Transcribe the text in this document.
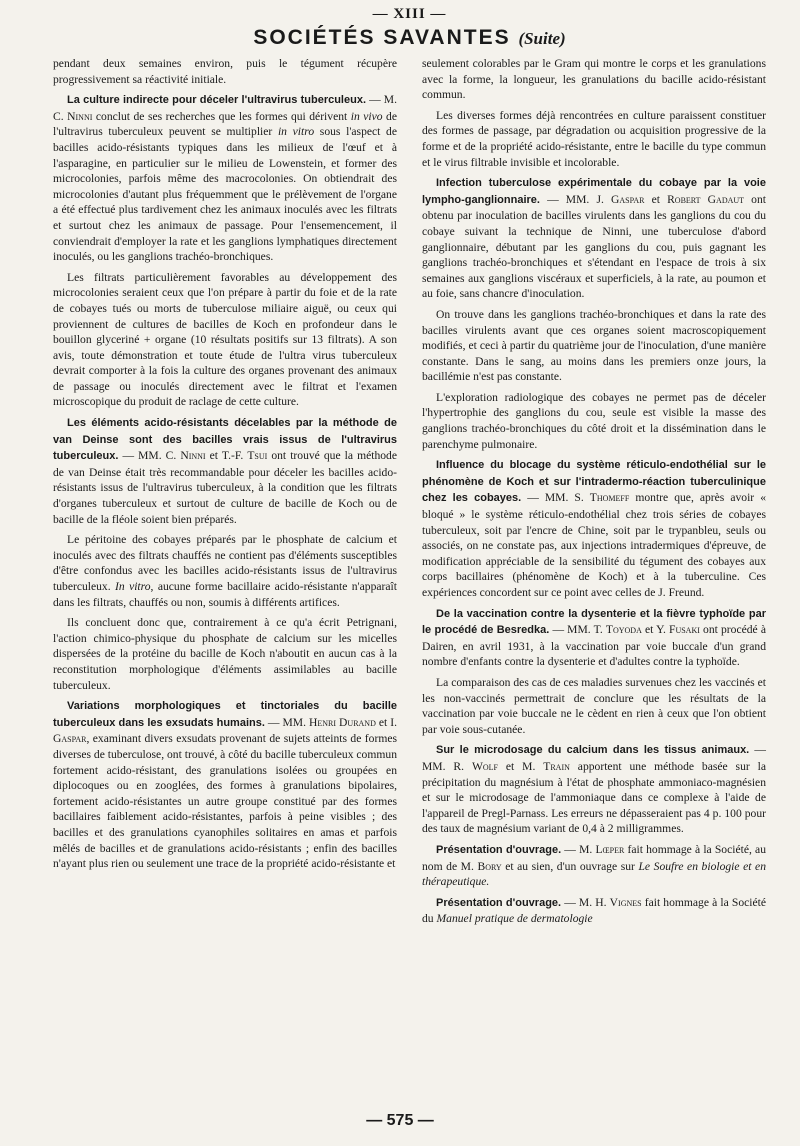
— XIII —
SOCIÉTÉS SAVANTES (Suite)

pendant deux semaines environ, puis le tégument récupère progressivement sa réactivité initiale.

La culture indirecte pour déceler l'ultravirus tuberculeux. — M. C. Ninni conclut de ses recherches que les formes qui dérivent in vivo de l'ultravirus tuberculeux peuvent se multiplier in vitro sous l'aspect de bacilles acido-résistants typiques dans les milieux de l'œuf et à l'asparagine, en particulier sur le milieu de Lowenstein, et former des microcolonies, parfois même des macrocolonies. On obtiendrait des microcolonies d'autant plus fréquemment que le prélèvement de l'organe a été effectué plus tardivement chez les animaux inoculés avec les filtrats et surtout chez les animaux de passage. Pour l'ensemencement, il conviendrait d'employer la rate et les ganglions lymphatiques directement inoculés, ou les ganglions trachéo-bronchiques.

Les filtrats particulièrement favorables au développement des microcolonies seraient ceux que l'on prépare à partir du foie et de la rate de cobayes tués ou morts de tuberculose miliaire aiguë, ou ceux qui proviennent de cultures de bacilles de Koch en profondeur dans le bouillon glyceriné + organe (10 résultats positifs sur 13 filtrats). A son avis, toute démonstration et toute étude de l'ultra virus tuberculeux devrait comporter à la fois la culture des organes provenant des animaux de passage ou inoculés directement avec le filtrat et l'examen microscopique du produit de raclage de cette culture.

Les éléments acido-résistants décelables par la méthode de van Deinse sont des bacilles vrais issus de l'ultravirus tuberculeux. — MM. C. Ninni et T.-F. Tsui ont trouvé que la méthode de van Deinse était très recommandable pour déceler les bacilles acido-résistants issus de l'ultravirus tuberculeux, à la condition que les filtrats d'organes tuberculeux et surtout de culture de bacille de Koch ou de bacille de la fléole soient bien préparés.

Le péritoine des cobayes préparés par le phosphate de calcium et inoculés avec des filtrats chauffés ne contient pas d'éléments susceptibles d'être confondus avec les bacilles acido-résistants issus de l'ultravirus tuberculeux. In vitro, aucune forme bacillaire acido-résistante n'apparaît dans les filtrats, chauffés ou non, soumis à différents artifices.

Ils concluent donc que, contrairement à ce qu'a écrit Petrignani, l'action chimico-physique du phosphate de calcium sur les micelles dispersées de la protéine du bacille de Koch n'aboutit en aucun cas à la reconstitution morphologique d'éléments assimilables au bacille tuberculeux.

Variations morphologiques et tinctoriales du bacille tuberculeux dans les exsudats humains. — MM. Henri Durand et I. Gaspar, examinant divers exsudats provenant de sujets atteints de formes diverses de tuberculose, ont trouvé, à côté du bacille tuberculeux commun fortement acido-résistant, des granulations isolées ou groupées en diplocoques ou en zooglées, des formes à granulations bipolaires, fortement acido-résistantes un autre groupe constitué par des formes bacillaires faiblement acido-résistantes, parfois à peine visibles ; des bacilles et des granulations cyanophiles solitaires en amas et parfois mêlés de bacilles et de granulations acido-résistants ; enfin des bacilles n'ayant plus rien ou seulement une trace de la propriété acido-résistante et

seulement colorables par le Gram qui montre le corps et les granulations avec la forme, la longueur, les granulations du bacille acido-résistant commun.

Les diverses formes déjà rencontrées en culture paraissent constituer des formes de passage, par dégradation ou acquisition progressive de la forme et de la propriété acido-résistante, entre le bacille du type commun et le virus filtrable invisible et incolorable.

Infection tuberculose expérimentale du cobaye par la voie lympho-ganglionnaire. — MM. J. Gaspar et Robert Gadaut ont obtenu par inoculation de bacilles virulents dans les ganglions du cou du cobaye suivant la technique de Ninni, une tuberculose d'abord ganglionnaire, débutant par les ganglions du cou, puis gagnant les ganglions trachéo-bronchiques et s'étendant en l'espace de trois à six semaines aux ganglions viscéraux et superficiels, à la rate, au poumon et au foie, sans chancre d'inoculation.

On trouve dans les ganglions trachéo-bronchiques et dans la rate des bacilles virulents avant que ces organes soient macroscopiquement modifiés, et ceci à partir du quatrième jour de l'inoculation, d'une manière constante. Dans le sang, au moins dans les premiers onze jours, la bacillémie n'est pas constante.

L'exploration radiologique des cobayes ne permet pas de déceler l'hypertrophie des ganglions du cou, seule est visible la masse des ganglions trachéo-bronchiques du côté droit et la dissémination dans le parenchyme pulmonaire.

Influence du blocage du système réticulo-endothélial sur le phénomène de Koch et sur l'intradermo-réaction tuberculinique chez les cobayes. — MM. S. Thomeff montre que, après avoir « bloqué » le système réticulo-endothélial chez trois séries de cobayes tuberculeux, soit par l'encre de Chine, soit par le trypanbleu, seuls ou associés, on ne constate pas, aux injections intradermiques d'épreuve, de modification appréciable de la sensibilité du tégument des cobayes aux corps bacillaires (phénomène de Koch) et à la tuberculine. Ces expériences concordent sur ce point avec celles de J. Freund.

De la vaccination contre la dysenterie et la fièvre typhoïde par le procédé de Besredka. — MM. T. Toyoda et Y. Fusaki ont procédé à Dairen, en avril 1931, à la vaccination par voie buccale d'un grand nombre d'enfants contre la dysenterie et d'adultes contre la typhoïde.

La comparaison des cas de ces maladies survenues chez les vaccinés et les non-vaccinés permettrait de conclure que les résultats de la vaccination par voie buccale ne le cèdent en rien à ceux que l'on obtient par voie sous-cutanée.

Sur le microdosage du calcium dans les tissus animaux. — MM. R. Wolf et M. Train apportent une méthode basée sur la précipitation du magnésium à l'état de phosphate ammoniaco-magnésien et sur le microdosage de l'ammoniaque dans ce complexe à l'aide de l'appareil de Pregl-Parnass. Les erreurs ne dépasseraient pas 4 p. 100 pour des taux de magnésium variant de 0,4 à 2 milligrammes.

Présentation d'ouvrage. — M. Lœper fait hommage à la Société, au nom de M. Bory et au sien, d'un ouvrage sur Le Soufre en biologie et en thérapeutique.

Présentation d'ouvrage. — M. H. Vignes fait hommage à la Société du Manuel pratique de dermatologie

— 575 —
